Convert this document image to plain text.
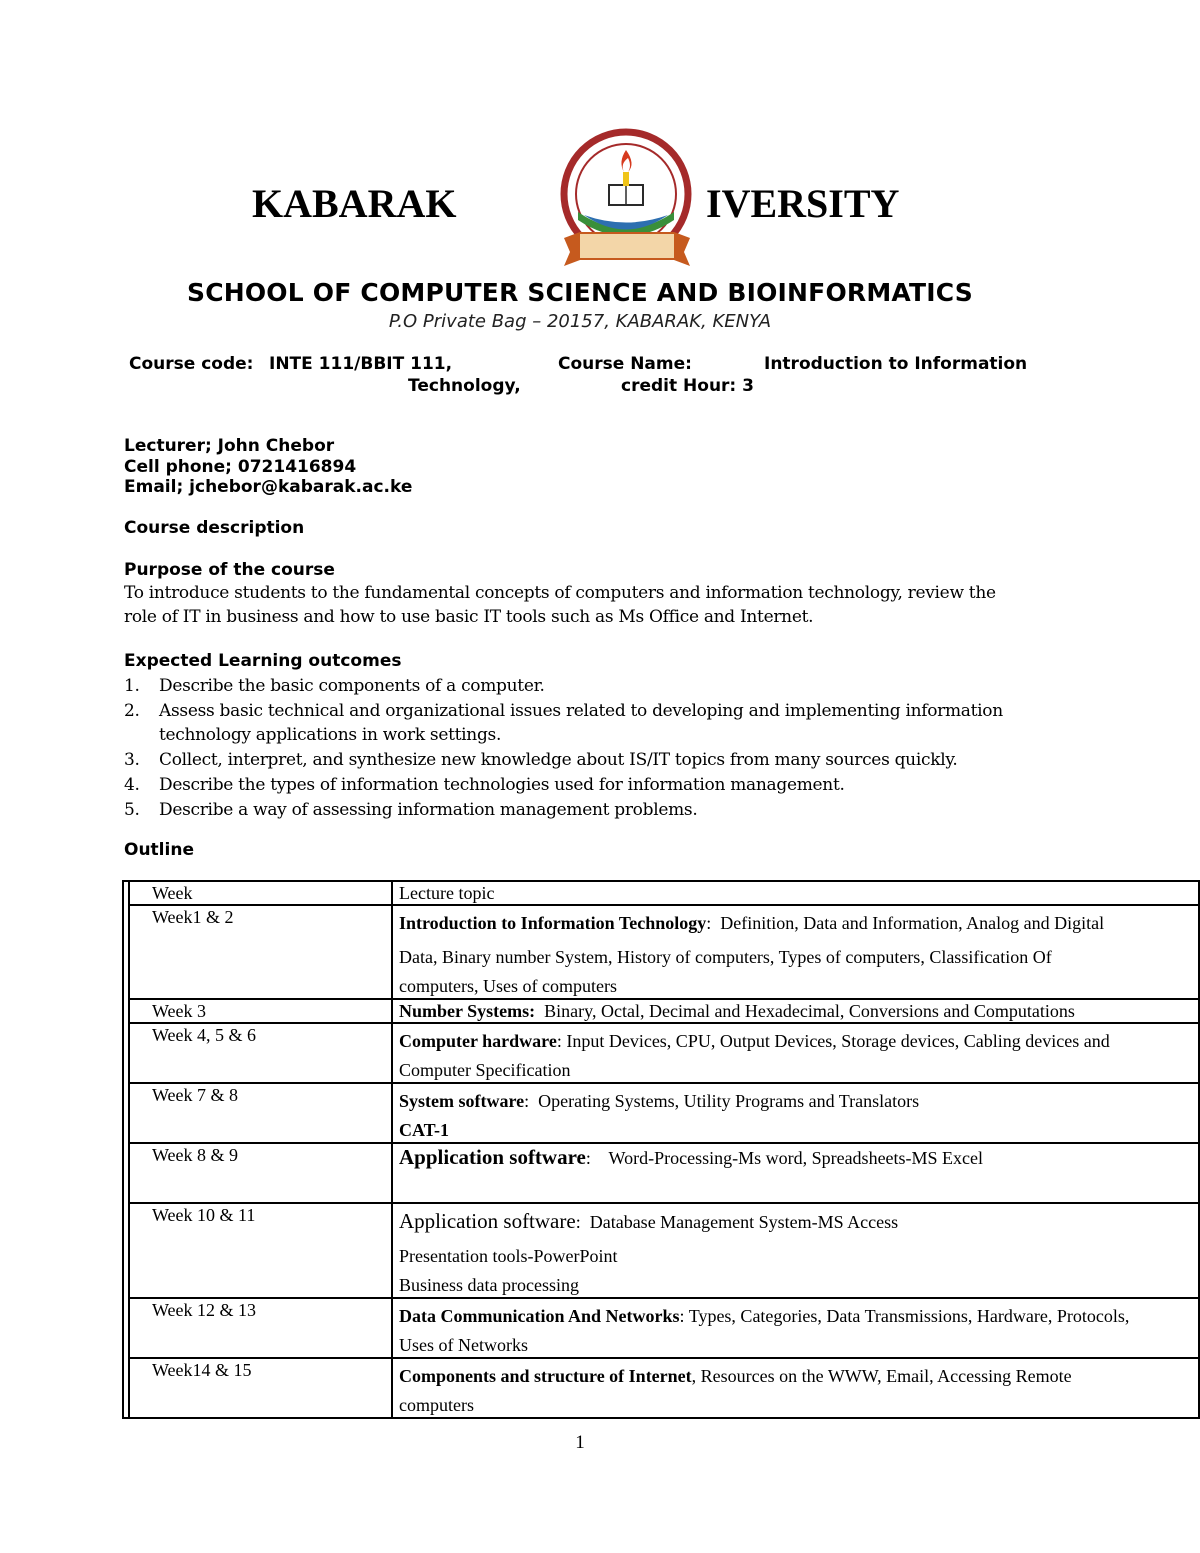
KABARAK	IVERSITY
SCHOOL OF COMPUTER SCIENCE AND BIOINFORMATICS
P.O Private Bag – 20157, KABARAK, KENYA
Course code: INTE 111/BBIT 111,	Course Name:	Introduction to Information
Technology,	credit Hour: 3
Lecturer; John Chebor
Cell phone; 0721416894
Email; jchebor@kabarak.ac.ke
Course description
Purpose of the course
To introduce students to the fundamental concepts of computers and information technology, review the
role of IT in business and how to use basic IT tools such as Ms Office and Internet.
Expected Learning outcomes
1. Describe the basic components of a computer.
2. Assess basic technical and organizational issues related to developing and implementing information
technology applications in work settings.
3. Collect, interpret, and synthesize new knowledge about IS/IT topics from many sources quickly.
4. Describe the types of information technologies used for information management.
5. Describe a way of assessing information management problems.
Outline
	Week	Lecture topic
	Week1 & 2	Introduction to Information Technology:  Definition, Data and Information, Analog and Digital
Data, Binary number System, History of computers, Types of computers, Classification Of
computers, Uses of computers

	Week 3	Number Systems: Binary, Octal, Decimal and Hexadecimal, Conversions and Computations
	Week 4, 5 & 6	Computer hardware: Input Devices, CPU, Output Devices, Storage devices, Cabling devices and
Computer Specification

	Week 7 & 8	System software:  Operating Systems, Utility Programs and Translators
CAT-1

	Week 8 & 9	Application software:    Word-Processing-Ms word, Spreadsheets-MS Excel
	Week 10 & 11	Application software:  Database Management System-MS Access
Presentation tools-PowerPoint
Business data processing

	Week 12 & 13	Data Communication And Networks: Types, Categories, Data Transmissions, Hardware, Protocols,
Uses of Networks

	Week14 & 15	Components and structure of Internet, Resources on the WWW, Email, Accessing Remote
computers
1
